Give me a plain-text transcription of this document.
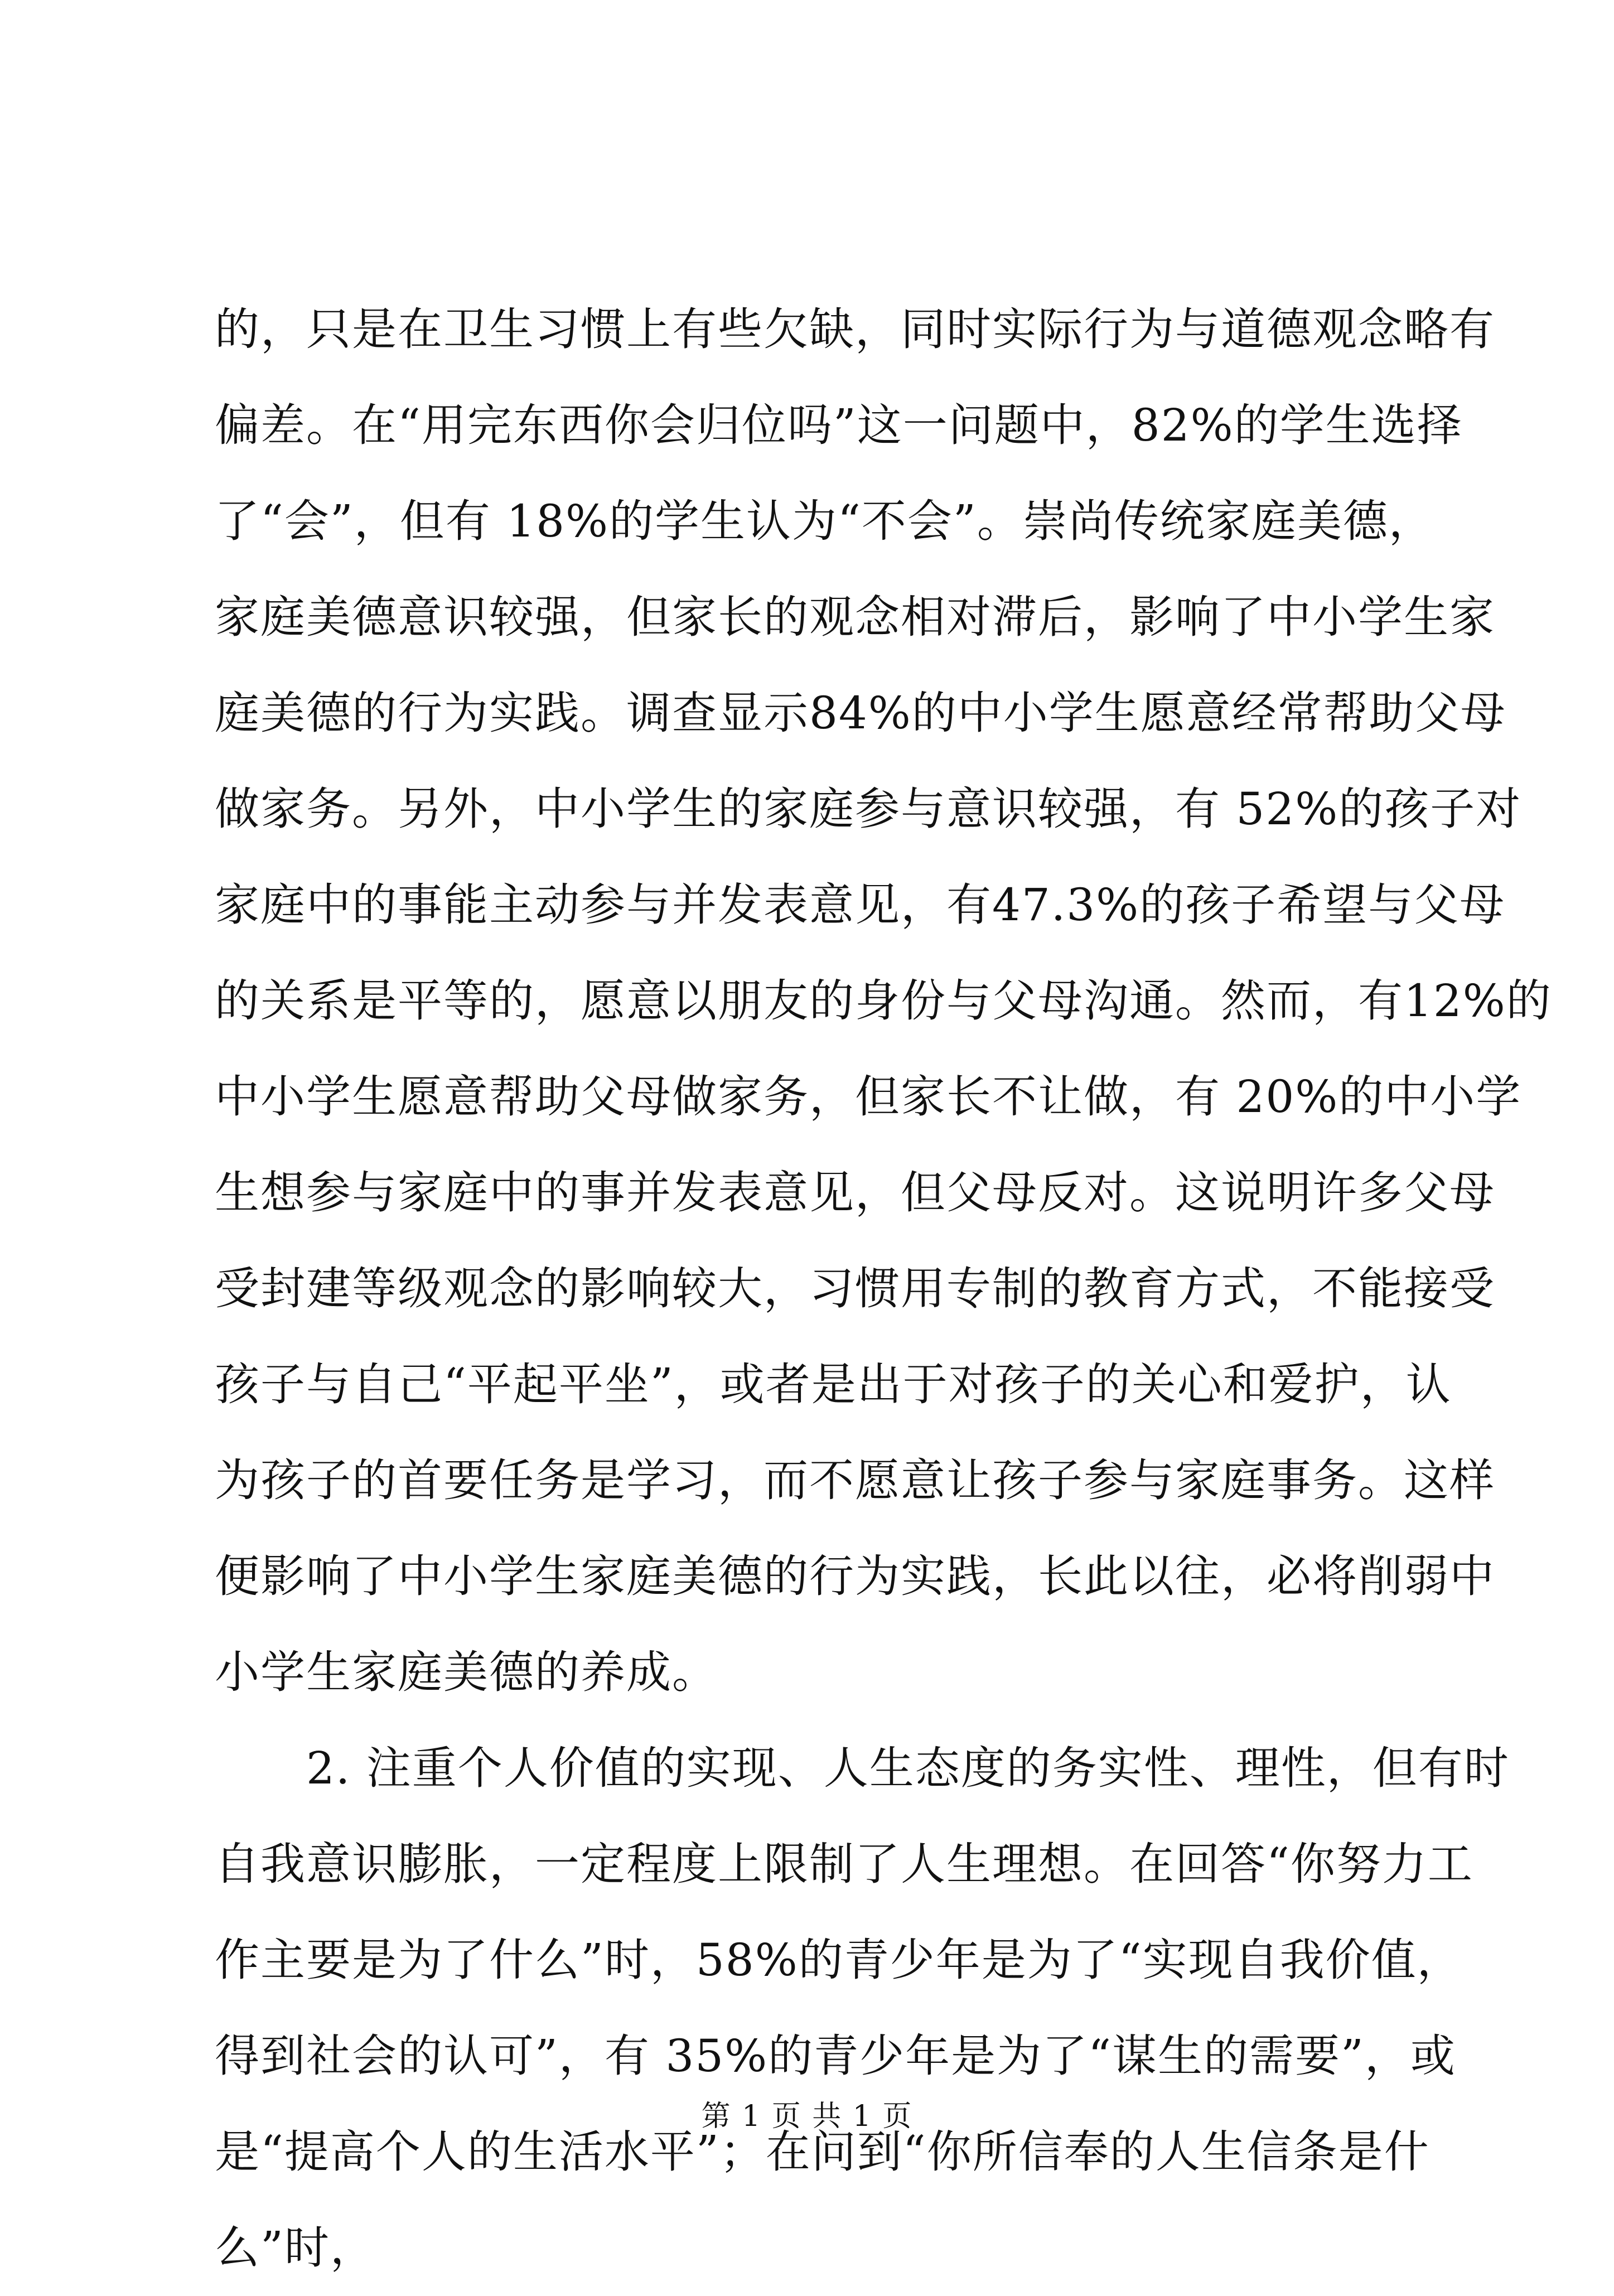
的，只是在卫生习惯上有些欠缺，同时实际行为与道德观念略有
偏差。在“用完东西你会归位吗”这一问题中，82%的学生选择
了“会”，但有 18%的学生认为“不会”。崇尚传统家庭美德，
家庭美德意识较强，但家长的观念相对滞后，影响了中小学生家
庭美德的行为实践。调查显示84%的中小学生愿意经常帮助父母
做家务。另外，中小学生的家庭参与意识较强，有 52%的孩子对
家庭中的事能主动参与并发表意见，有47.3%的孩子希望与父母
的关系是平等的，愿意以朋友的身份与父母沟通。然而，有12%的
中小学生愿意帮助父母做家务，但家长不让做，有 20%的中小学
生想参与家庭中的事并发表意见，但父母反对。这说明许多父母
受封建等级观念的影响较大，习惯用专制的教育方式，不能接受
孩子与自己“平起平坐”，或者是出于对孩子的关心和爱护，认
为孩子的首要任务是学习，而不愿意让孩子参与家庭事务。这样
便影响了中小学生家庭美德的行为实践，长此以往，必将削弱中
小学生家庭美德的养成。
　　2. 注重个人价值的实现、人生态度的务实性、理性，但有时
自我意识膨胀，一定程度上限制了人生理想。在回答“你努力工
作主要是为了什么”时，58%的青少年是为了“实现自我价值，
得到社会的认可”，有 35%的青少年是为了“谋生的需要”，或
是“提高个人的生活水平”；在问到“你所信奉的人生信条是什
么”时，
第 1 页 共 1 页
